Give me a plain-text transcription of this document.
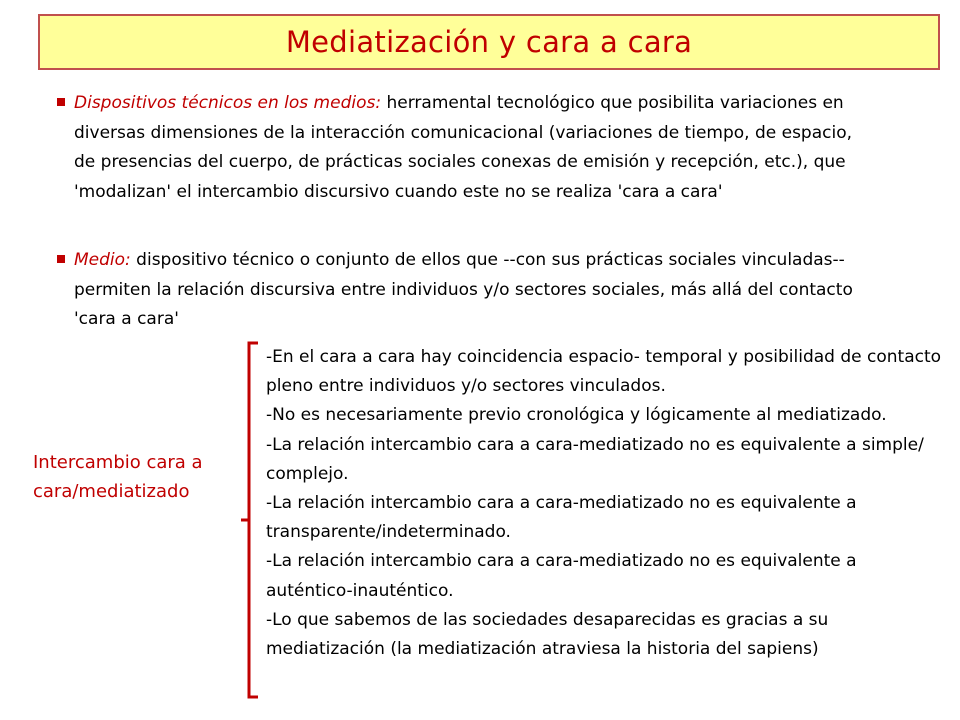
Mediatización y cara a cara
Dispositivos técnicos en los medios: herramental tecnológico que posibilita variaciones en diversas dimensiones de la interacción comunicacional (variaciones de tiempo, de espacio, de presencias del cuerpo, de prácticas sociales conexas de emisión y recepción, etc.), que 'modalizan' el intercambio discursivo cuando este no se realiza 'cara a cara'
Medio: dispositivo técnico o conjunto de ellos que --con sus prácticas sociales vinculadas-- permiten la relación discursiva entre individuos y/o sectores sociales, más allá del contacto 'cara a cara'
Intercambio cara a cara/mediatizado

-En el cara a cara hay coincidencia espacio- temporal y posibilidad de contacto pleno entre individuos y/o sectores vinculados.

-No es necesariamente previo cronológica y lógicamente al mediatizado.

-La relación intercambio cara a cara-mediatizado no es equivalente a simple/ complejo.

-La relación intercambio cara a cara-mediatizado no es equivalente a transparente/indeterminado.

-La relación intercambio cara a cara-mediatizado no es equivalente a auténtico-inauténtico.

-Lo que sabemos de las sociedades desaparecidas es gracias a su mediatización (la mediatización atraviesa la historia del sapiens)
